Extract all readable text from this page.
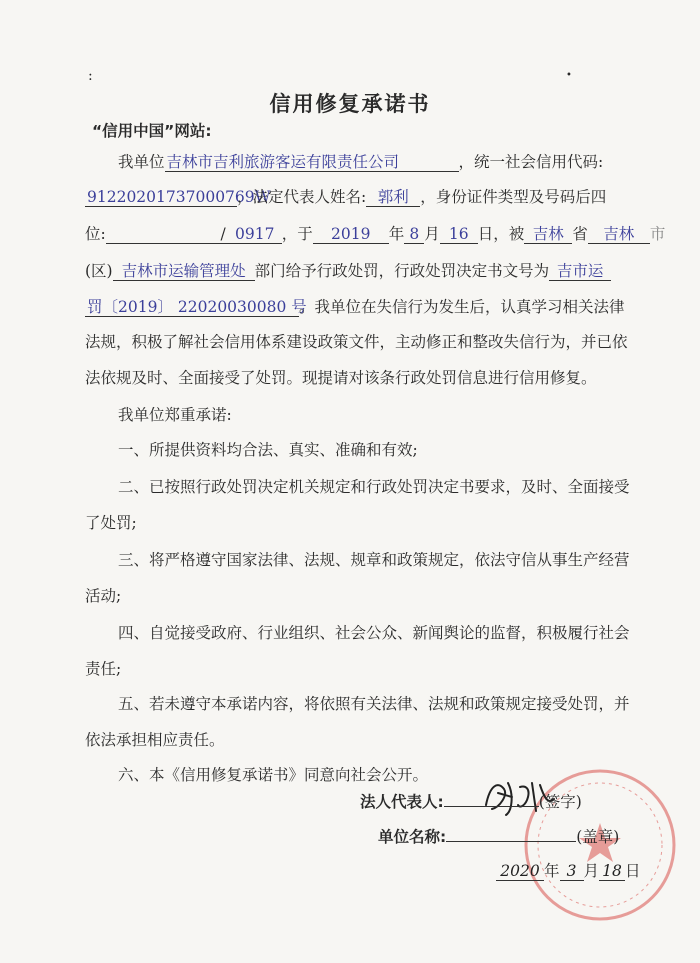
:	•
信用修复承诺书
“信用中国”网站:
我单位 吉林市吉利旅游客运有限责任公司	，统一社会信用代码:
91220201737000769W，法定代表人姓名: 郭利 ，身份证件类型及号码后四
位:	/ 0917 ，于 2019 年 8 月 16 日，被 吉林 省 吉林 市
(区) 吉林市运输管理处 部门给予行政处罚，行政处罚决定书文号为 吉市运
罚〔2019〕 22020030080 号。我单位在失信行为发生后，认真学习相关法律
法规，积极了解社会信用体系建设政策文件，主动修正和整改失信行为，并已依
法依规及时、全面接受了处罚。现提请对该条行政处罚信息进行信用修复。
我单位郑重承诺:
一、所提供资料均合法、真实、准确和有效;
二、已按照行政处罚决定机关规定和行政处罚决定书要求，及时、全面接受
了处罚;
三、将严格遵守国家法律、法规、规章和政策规定，依法守信从事生产经营
活动;
四、自觉接受政府、行业组织、社会公众、新闻舆论的监督，积极履行社会
责任;
五、若未遵守本承诺内容，将依照有关法律、法规和政策规定接受处罚，并
依法承担相应责任。
六、本《信用修复承诺书》同意向社会公开。
法人代表人:	(签字)
单位名称:	(盖章)
2020 年 3 月 18 日
